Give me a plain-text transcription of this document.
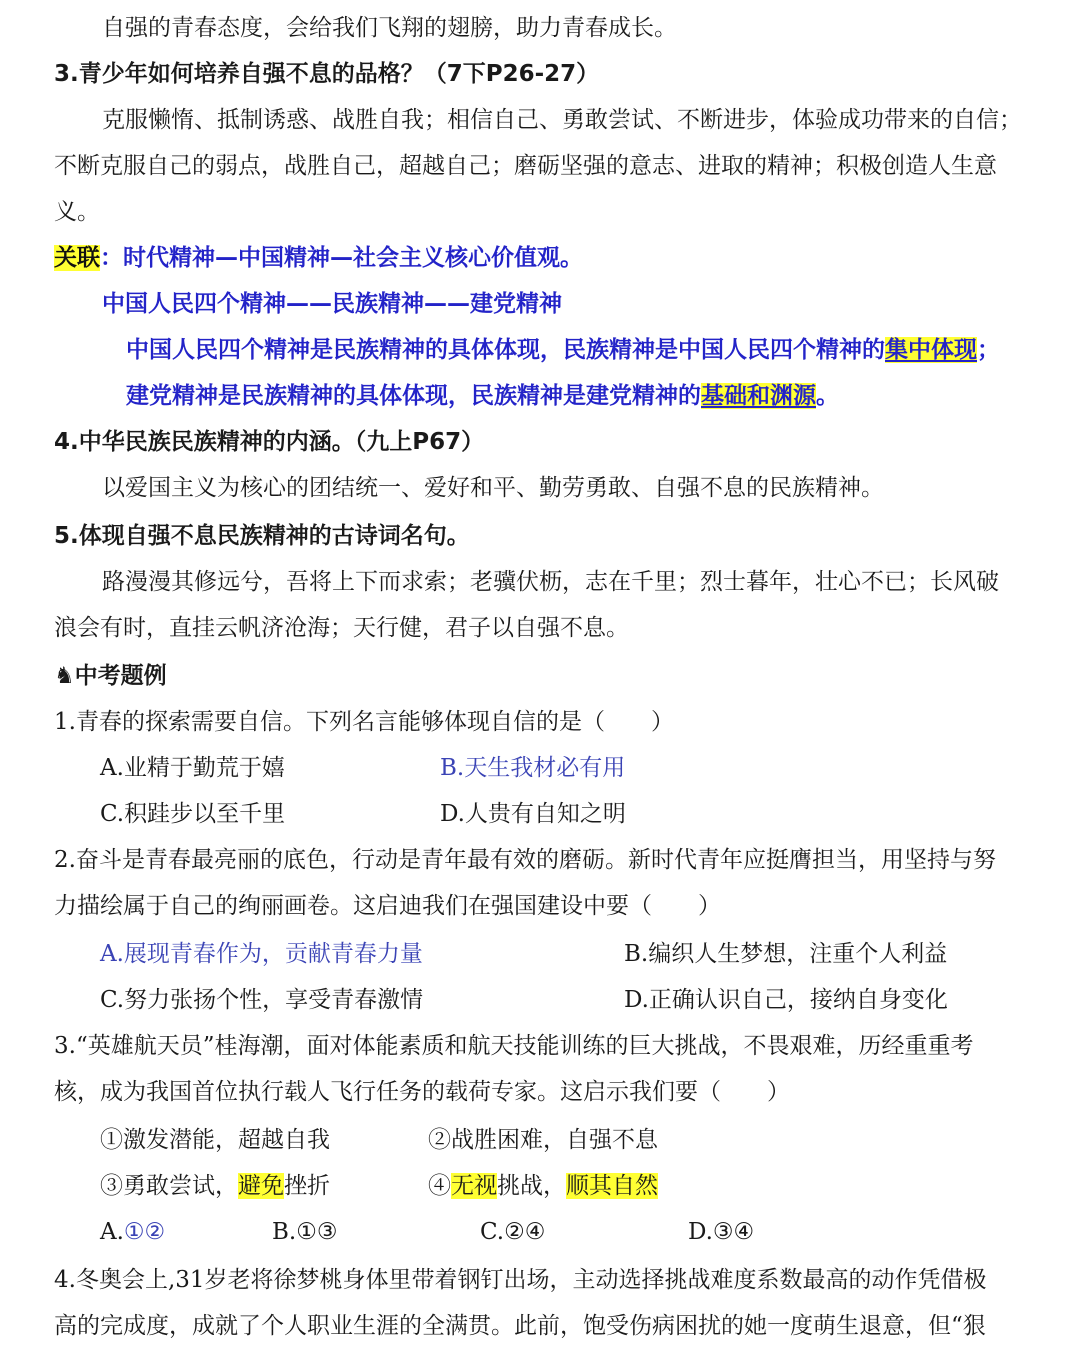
自强的青春态度，会给我们飞翔的翅膀，助力青春成长。
3.青少年如何培养自强不息的品格？（7下P26-27）
克服懒惰、抵制诱惑、战胜自我；相信自己、勇敢尝试、不断进步，体验成功带来的自信；
不断克服自己的弱点，战胜自己，超越自己；磨砺坚强的意志、进取的精神；积极创造人生意
义。
关联：时代精神—中国精神—社会主义核心价值观。
中国人民四个精神——民族精神——建党精神
中国人民四个精神是民族精神的具体体现，民族精神是中国人民四个精神的集中体现；
建党精神是民族精神的具体体现，民族精神是建党精神的基础和渊源。
4.中华民族民族精神的内涵。（九上P67）
以爱国主义为核心的团结统一、爱好和平、勤劳勇敢、自强不息的民族精神。
5.体现自强不息民族精神的古诗词名句。
路漫漫其修远兮，吾将上下而求索；老骥伏枥，志在千里；烈士暮年，壮心不已；长风破
浪会有时，直挂云帆济沧海；天行健，君子以自强不息。
♞中考题例
1.青春的探索需要自信。下列名言能够体现自信的是（　　）
A.业精于勤荒于嬉	B.天生我材必有用
C.积跬步以至千里	D.人贵有自知之明
2.奋斗是青春最亮丽的底色，行动是青年最有效的磨砺。新时代青年应挺膺担当，用坚持与努
力描绘属于自己的绚丽画卷。这启迪我们在强国建设中要（　　）
A.展现青春作为，贡献青春力量	B.编织人生梦想，注重个人利益
C.努力张扬个性，享受青春激情	D.正确认识自己，接纳自身变化
3.“英雄航天员”桂海潮，面对体能素质和航天技能训练的巨大挑战，不畏艰难，历经重重考
核，成为我国首位执行载人飞行任务的载荷专家。这启示我们要（　　）
①激发潜能，超越自我	②战胜困难，自强不息
③勇敢尝试，避免挫折	④无视挑战，顺其自然
A.①②	B.①③	C.②④	D.③④
4.冬奥会上,31岁老将徐梦桃身体里带着钢钉出场，主动选择挑战难度系数最高的动作凭借极
高的完成度，成就了个人职业生涯的全满贯。此前，饱受伤病困扰的她一度萌生退意，但“狠
